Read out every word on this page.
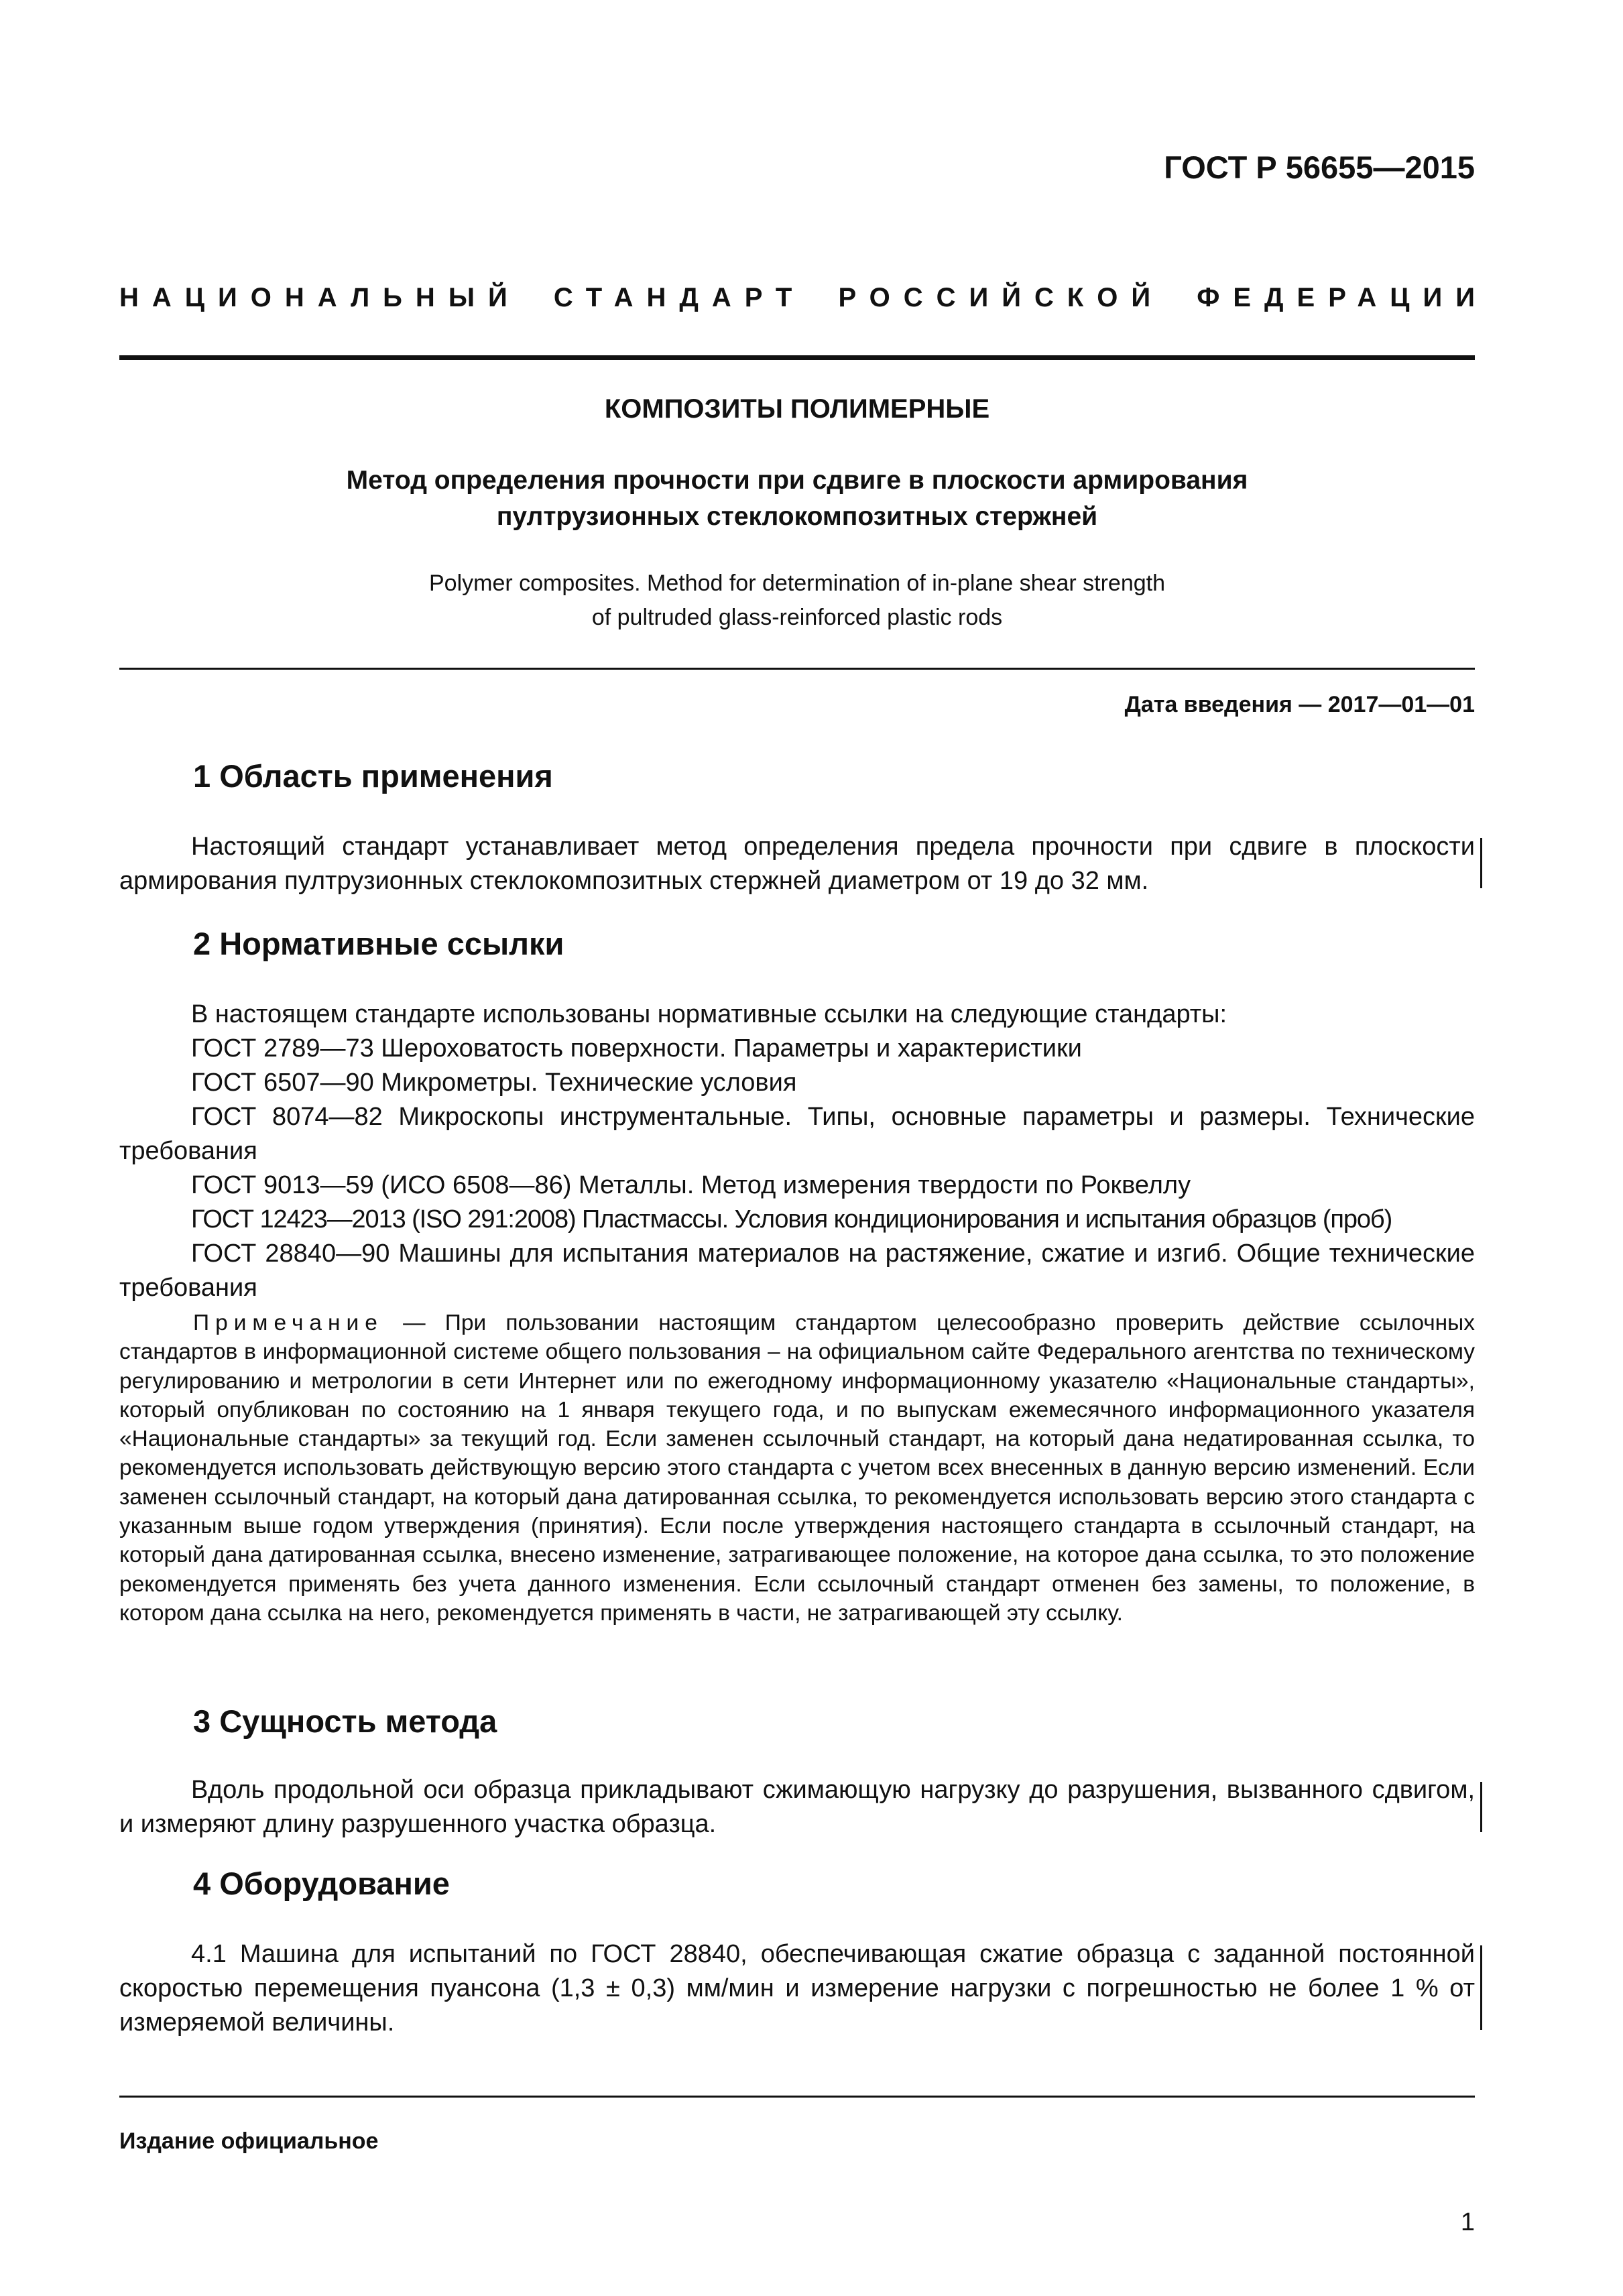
ГОСТ Р 56655—2015
НАЦИОНАЛЬНЫЙ СТАНДАРТ РОССИЙСКОЙ ФЕДЕРАЦИИ
КОМПОЗИТЫ ПОЛИМЕРНЫЕ
Метод определения прочности при сдвиге в плоскости армирования
пултрузионных стеклокомпозитных стержней
Polymer composites. Method for determination of in-plane shear strength
of pultruded glass-reinforced plastic rods
Дата введения — 2017—01—01
1 Область применения
Настоящий стандарт устанавливает метод определения предела прочности при сдвиге в плоскости армирования пултрузионных стеклокомпозитных стержней диаметром от 19 до 32 мм.
2 Нормативные ссылки
В настоящем стандарте использованы нормативные ссылки на следующие стандарты:
ГОСТ 2789—73 Шероховатость поверхности. Параметры и характеристики
ГОСТ 6507—90 Микрометры. Технические условия
ГОСТ 8074—82 Микроскопы инструментальные. Типы, основные параметры и размеры. Технические требования
ГОСТ 9013—59 (ИСО 6508—86) Металлы. Метод измерения твердости по Роквеллу
ГОСТ 12423—2013 (ISO 291:2008) Пластмассы. Условия кондиционирования и испытания образцов (проб)
ГОСТ 28840—90 Машины для испытания материалов на растяжение, сжатие и изгиб. Общие технические требования
Примечание — При пользовании настоящим стандартом целесообразно проверить действие ссылочных стандартов в информационной системе общего пользования – на официальном сайте Федерального агентства по техническому регулированию и метрологии в сети Интернет или по ежегодному информационному указателю «Национальные стандарты», который опубликован по состоянию на 1 января текущего года, и по выпускам ежемесячного информационного указателя «Национальные стандарты» за текущий год. Если заменен ссылочный стандарт, на который дана недатированная ссылка, то рекомендуется использовать действующую версию этого стандарта с учетом всех внесенных в данную версию изменений. Если заменен ссылочный стандарт, на который дана датированная ссылка, то рекомендуется использовать версию этого стандарта с указанным выше годом утверждения (принятия). Если после утверждения настоящего стандарта в ссылочный стандарт, на который дана датированная ссылка, внесено изменение, затрагивающее положение, на которое дана ссылка, то это положение рекомендуется применять без учета данного изменения. Если ссылочный стандарт отменен без замены, то положение, в котором дана ссылка на него, рекомендуется применять в части, не затрагивающей эту ссылку.
3 Сущность метода
Вдоль продольной оси образца прикладывают сжимающую нагрузку до разрушения, вызванного сдвигом, и измеряют длину разрушенного участка образца.
4 Оборудование
4.1 Машина для испытаний по ГОСТ 28840, обеспечивающая сжатие образца с заданной постоянной скоростью перемещения пуансона (1,3 ± 0,3) мм/мин и измерение нагрузки с погрешностью не более 1 % от измеряемой величины.
Издание официальное
1
